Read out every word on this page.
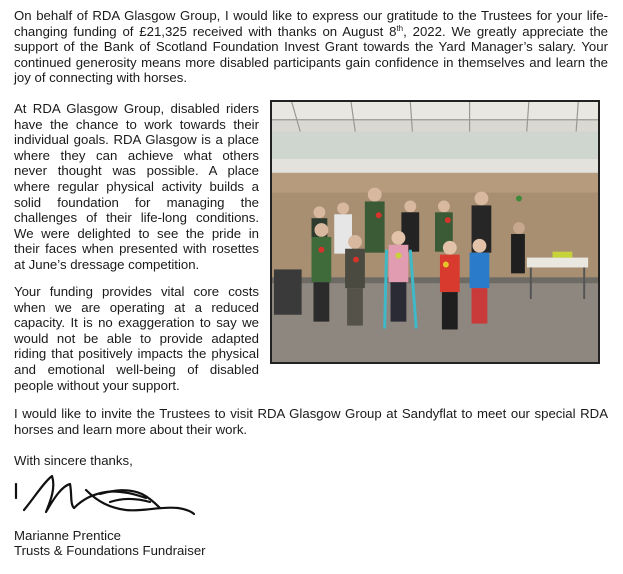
On behalf of RDA Glasgow Group, I would like to express our gratitude to the Trustees for your life-changing funding of £21,325 received with thanks on August 8th, 2022. We greatly appreciate the support of the Bank of Scotland Foundation Invest Grant towards the Yard Manager’s salary. Your continued generosity means more disabled participants gain confidence in themselves and learn the joy of connecting with horses.

At RDA Glasgow Group, disabled riders have the chance to work towards their individual goals. RDA Glasgow is a place where they can achieve what others never thought was possible. A place where regular physical activity builds a solid foundation for managing the challenges of their life-long conditions. We were delighted to see the pride in their faces when presented with rosettes at June’s dressage competition.

Your funding provides vital core costs when we are operating at a reduced capacity. It is no exaggeration to say we would not be able to provide adapted riding that positively impacts the physical and emotional well-being of disabled people without your support.

I would like to invite the Trustees to visit RDA Glasgow Group at Sandyflat to meet our special RDA horses and learn more about their work.

With sincere thanks,

Marianne Prentice

Trusts & Foundations Fundraiser
